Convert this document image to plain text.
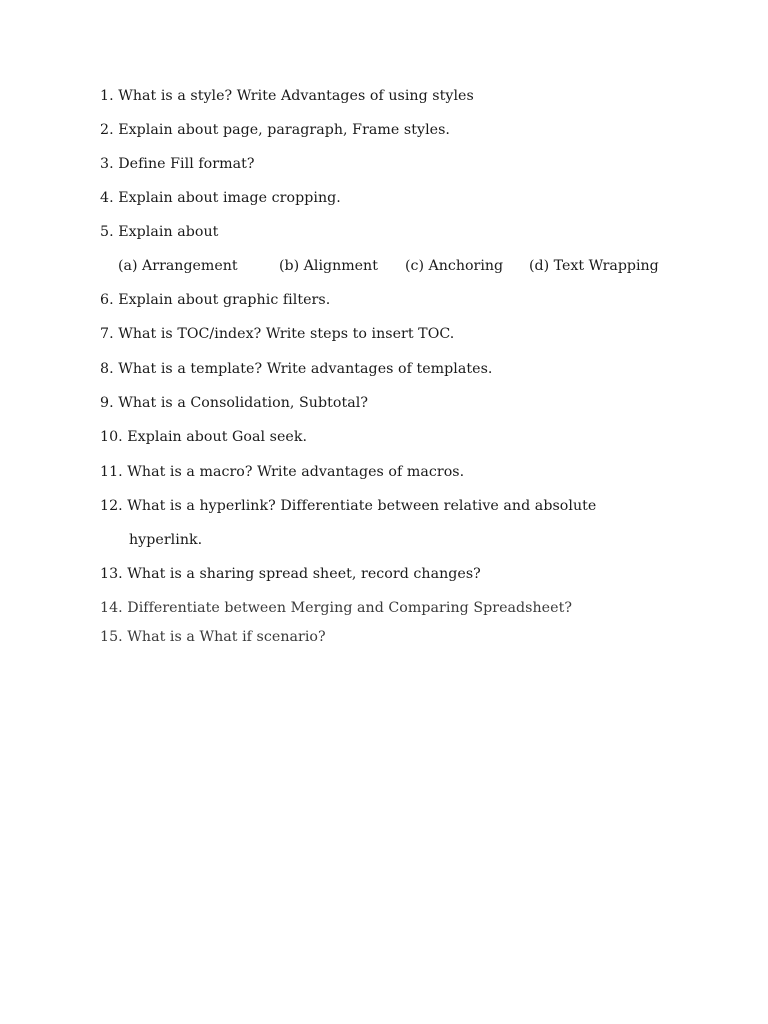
1. What is a style? Write Advantages of using styles
2. Explain about page, paragraph, Frame styles.
3. Define Fill format?
4. Explain about image cropping.
5. Explain about
(a) Arrangement	(b) Alignment (c) Anchoring (d) Text Wrapping
6. Explain about graphic filters.
7. What is TOC/index? Write steps to insert TOC.
8. What is a template? Write advantages of templates.
9. What is a Consolidation, Subtotal?
10. Explain about Goal seek.
11. What is a macro? Write advantages of macros.
12. What is a hyperlink? Differentiate between relative and absolute
hyperlink.
13. What is a sharing spread sheet, record changes?
14. Differentiate between Merging and Comparing Spreadsheet?
15. What is a What if scenario?
